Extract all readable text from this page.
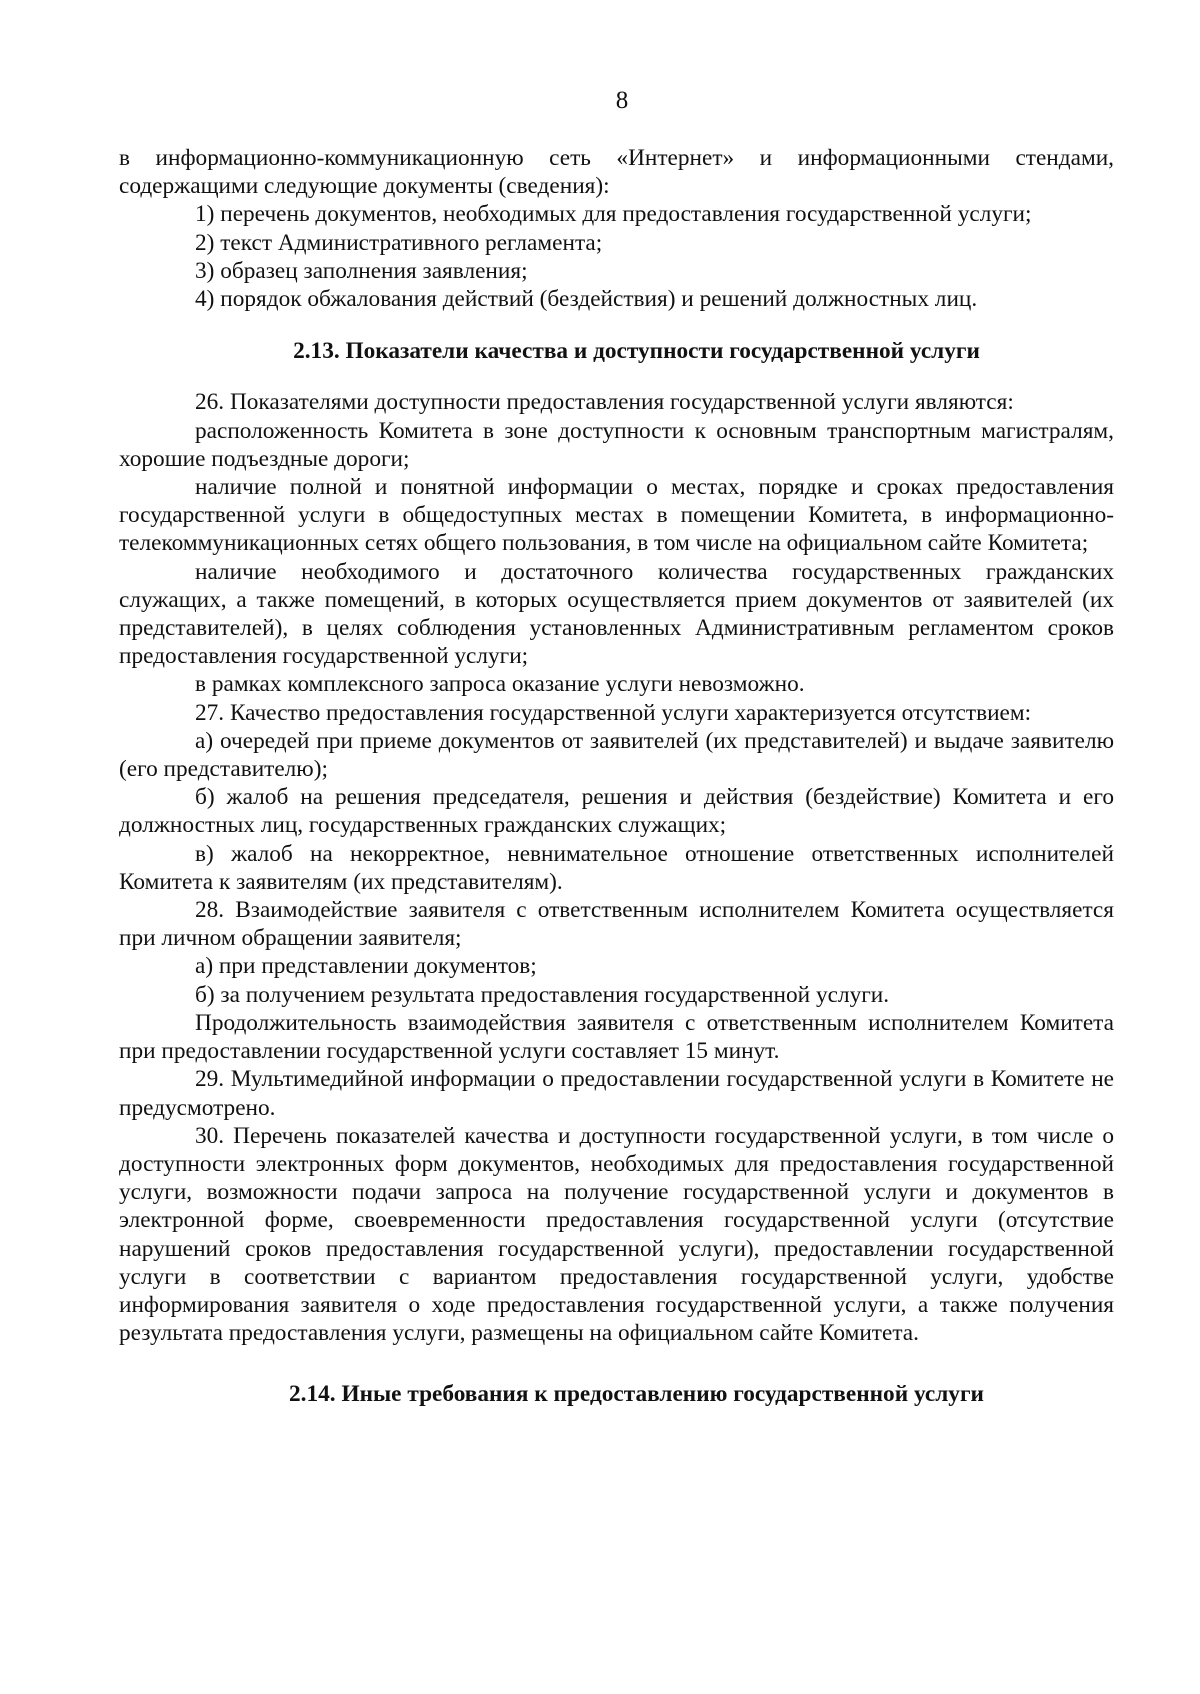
8

в информационно-коммуникационную сеть «Интернет» и информационными стендами, содержащими следующие документы (сведения):

1) перечень документов, необходимых для предоставления государственной услуги;

2) текст Административного регламента;

3) образец заполнения заявления;

4) порядок обжалования действий (бездействия) и решений должностных лиц.

2.13. Показатели качества и доступности государственной услуги

26. Показателями доступности предоставления государственной услуги являются:

расположенность Комитета в зоне доступности к основным транспортным магистралям, хорошие подъездные дороги;

наличие полной и понятной информации о местах, порядке и сроках предоставления государственной услуги в общедоступных местах в помещении Комитета, в информационно-телекоммуникационных сетях общего пользования, в том числе на официальном сайте Комитета;

наличие необходимого и достаточного количества государственных гражданских служащих, а также помещений, в которых осуществляется прием документов от заявителей (их представителей), в целях соблюдения установленных Административным регламентом сроков предоставления государственной услуги;

в рамках комплексного запроса оказание услуги невозможно.

27. Качество предоставления государственной услуги характеризуется отсутствием:

а) очередей при приеме документов от заявителей (их представителей) и выдаче заявителю (его представителю);

б) жалоб на решения председателя, решения и действия (бездействие) Комитета и его должностных лиц, государственных гражданских служащих;

в) жалоб на некорректное, невнимательное отношение ответственных исполнителей Комитета к заявителям (их представителям).

28. Взаимодействие заявителя с ответственным исполнителем Комитета осуществляется при личном обращении заявителя;

а) при представлении документов;

б) за получением результата предоставления государственной услуги.

Продолжительность взаимодействия заявителя с ответственным исполнителем Комитета при предоставлении государственной услуги составляет 15 минут.

29. Мультимедийной информации о предоставлении государственной услуги в Комитете не предусмотрено.

30. Перечень показателей качества и доступности государственной услуги, в том числе о доступности электронных форм документов, необходимых для предоставления государственной услуги, возможности подачи запроса на получение государственной услуги и документов в электронной форме, своевременности предоставления государственной услуги (отсутствие нарушений сроков предоставления государственной услуги), предоставлении государственной услуги в соответствии с вариантом предоставления государственной услуги, удобстве информирования заявителя о ходе предоставления государственной услуги, а также получения результата предоставления услуги, размещены на официальном сайте Комитета.

2.14. Иные требования к предоставлению государственной услуги
